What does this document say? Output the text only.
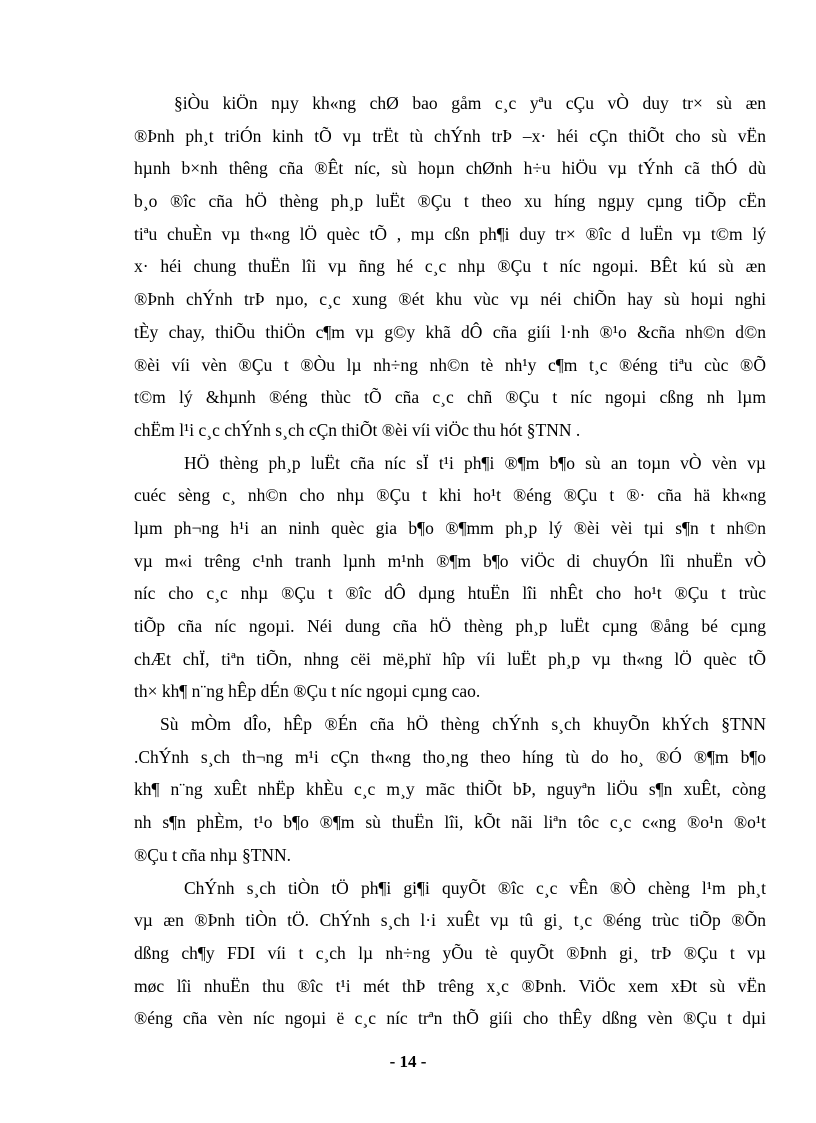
§iÒu kiÖn nµy kh«ng chØ bao gåm c¸c yªu cÇu vÒ duy tr× sù æn
®Þnh ph¸t triÓn kinh tÕ vµ trËt tù chÝnh trÞ –x· héi cÇn thiÕt cho sù vËn
hµnh b×nh thêng cña ®Êt níc, sù hoµn chØnh h÷u hiÖu vµ tÝnh cã thÓ dù
b¸o ®îc cña hÖ thèng ph¸p luËt ®Çu t theo xu híng ngµy cµng tiÕp cËn
tiªu chuÈn vµ th«ng lÖ quèc tÕ , mµ cßn ph¶i duy tr× ®îc d luËn vµ t©m lý
x· héi chung thuËn lîi vµ ñng hé c¸c nhµ ®Çu t níc ngoµi. BÊt kú sù æn
®Þnh chÝnh trÞ nµo, c¸c xung ®ét khu vùc vµ néi chiÕn hay sù hoµi nghi
tÈy chay, thiÕu thiÖn c¶m vµ g©y khã dÔ cña giíi l·nh ®¹o &cña nh©n d©n
®èi víi vèn ®Çu t ®Òu lµ nh÷ng nh©n tè nh¹y c¶m t¸c ®éng tiªu cùc ®Õ
t©m lý &hµnh ®éng thùc tÕ cña c¸c chñ ®Çu t níc ngoµi cßng nh lµm
chËm l¹i c¸c chÝnh s¸ch cÇn thiÕt ®èi víi viÖc thu hót §TNN .
HÖ thèng ph¸p luËt cña níc sÏ t¹i ph¶i ®¶m b¶o sù an toµn vÒ vèn vµ
cuéc sèng c¸ nh©n cho nhµ ®Çu t khi ho¹t ®éng ®Çu t ®· cña hä kh«ng
lµm ph¬ng h¹i an ninh quèc gia b¶o ®¶mm ph¸p lý ®èi vèi tµi s¶n t nh©n
vµ m«i trêng c¹nh tranh lµnh m¹nh ®¶m b¶o viÖc di chuyÓn lîi nhuËn vÒ
níc cho c¸c nhµ ®Çu t ®îc dÔ dµng htuËn lîi nhÊt cho ho¹t ®Çu t trùc
tiÕp cña níc ngoµi. Néi dung cña hÖ thèng ph¸p luËt cµng ®ång bé cµng
chÆt chÏ, tiªn tiÕn, nhng cëi më,phï hîp víi luËt ph¸p vµ th«ng lÖ quèc tÕ
th× kh¶ n¨ng hÊp dÉn ®Çu t níc ngoµi cµng cao.
Sù mÒm dÎo, hÊp ®Én cña hÖ thèng chÝnh s¸ch khuyÕn khÝch §TNN
.ChÝnh s¸ch th¬ng m¹i cÇn th«ng tho¸ng theo híng tù do ho¸ ®Ó ®¶m b¶o
kh¶ n¨ng xuÊt nhËp khÈu c¸c m¸y mãc thiÕt bÞ, nguyªn liÖu s¶n xuÊt, còng
nh s¶n phÈm, t¹o b¶o ®¶m sù thuËn lîi, kÕt nãi liªn tôc c¸c c«ng ®o¹n ®o¹t
®Çu t cña nhµ §TNN.
ChÝnh s¸ch tiÒn tÖ ph¶i gi¶i quyÕt ®îc c¸c vÊn ®Ò chèng l¹m ph¸t
vµ æn ®Þnh tiÒn tÖ. ChÝnh s¸ch l·i xuÊt vµ tû gi¸ t¸c ®éng trùc tiÕp ®Õn
dßng ch¶y FDI víi t c¸ch lµ nh÷ng yÕu tè quyÕt ®Þnh gi¸ trÞ ®Çu t vµ
møc lîi nhuËn thu ®îc t¹i mét thÞ trêng x¸c ®Þnh. ViÖc xem xÐt sù vËn
®éng cña vèn níc ngoµi ë c¸c níc trªn thÕ giíi cho thÊy dßng vèn ®Çu t dµi
- 14 -
